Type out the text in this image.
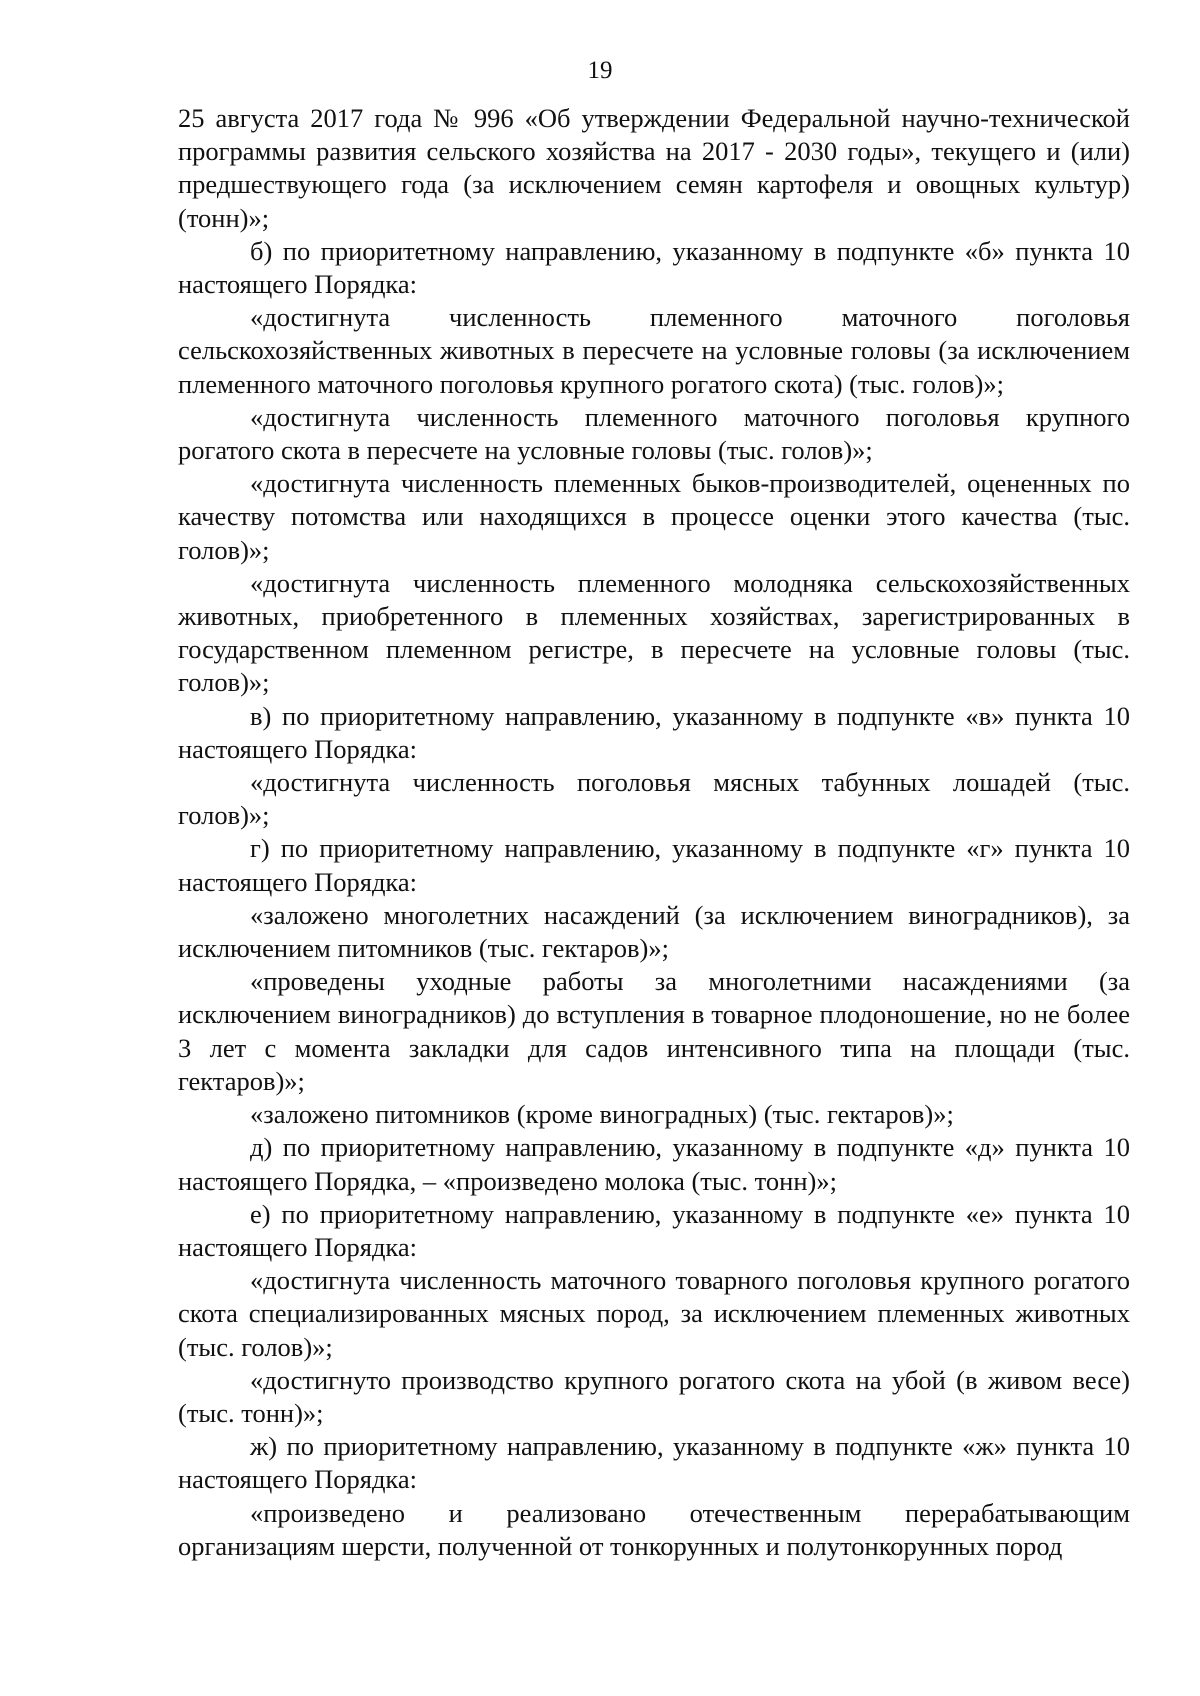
19

25 августа 2017 года № 996 «Об утверждении Федеральной научно-технической программы развития сельского хозяйства на 2017 - 2030 годы», текущего и (или) предшествующего года (за исключением семян картофеля и овощных культур) (тонн)»;

б) по приоритетному направлению, указанному в подпункте «б» пункта 10 настоящего Порядка:

«достигнута численность племенного маточного поголовья сельскохозяйственных животных в пересчете на условные головы (за исключением племенного маточного поголовья крупного рогатого скота) (тыс. голов)»;

«достигнута численность племенного маточного поголовья крупного рогатого скота в пересчете на условные головы (тыс. голов)»;

«достигнута численность племенных быков-производителей, оцененных по качеству потомства или находящихся в процессе оценки этого качества (тыс. голов)»;

«достигнута численность племенного молодняка сельскохозяйственных животных, приобретенного в племенных хозяйствах, зарегистрированных в государственном племенном регистре, в пересчете на условные головы (тыс. голов)»;

в) по приоритетному направлению, указанному в подпункте «в» пункта 10 настоящего Порядка:

«достигнута численность поголовья мясных табунных лошадей (тыс. голов)»;

г) по приоритетному направлению, указанному в подпункте «г» пункта 10 настоящего Порядка:

«заложено многолетних насаждений (за исключением виноградников), за исключением питомников (тыс. гектаров)»;

«проведены уходные работы за многолетними насаждениями (за исключением виноградников) до вступления в товарное плодоношение, но не более 3 лет с момента закладки для садов интенсивного типа на площади (тыс. гектаров)»;

«заложено питомников (кроме виноградных) (тыс. гектаров)»;

д) по приоритетному направлению, указанному в подпункте «д» пункта 10 настоящего Порядка, – «произведено молока (тыс. тонн)»;

е) по приоритетному направлению, указанному в подпункте «е» пункта 10 настоящего Порядка:

«достигнута численность маточного товарного поголовья крупного рогатого скота специализированных мясных пород, за исключением племенных животных (тыс. голов)»;

«достигнуто производство крупного рогатого скота на убой (в живом весе) (тыс. тонн)»;

ж) по приоритетному направлению, указанному в подпункте «ж» пункта 10 настоящего Порядка:

«произведено и реализовано отечественным перерабатывающим организациям шерсти, полученной от тонкорунных и полутонкорунных пород
